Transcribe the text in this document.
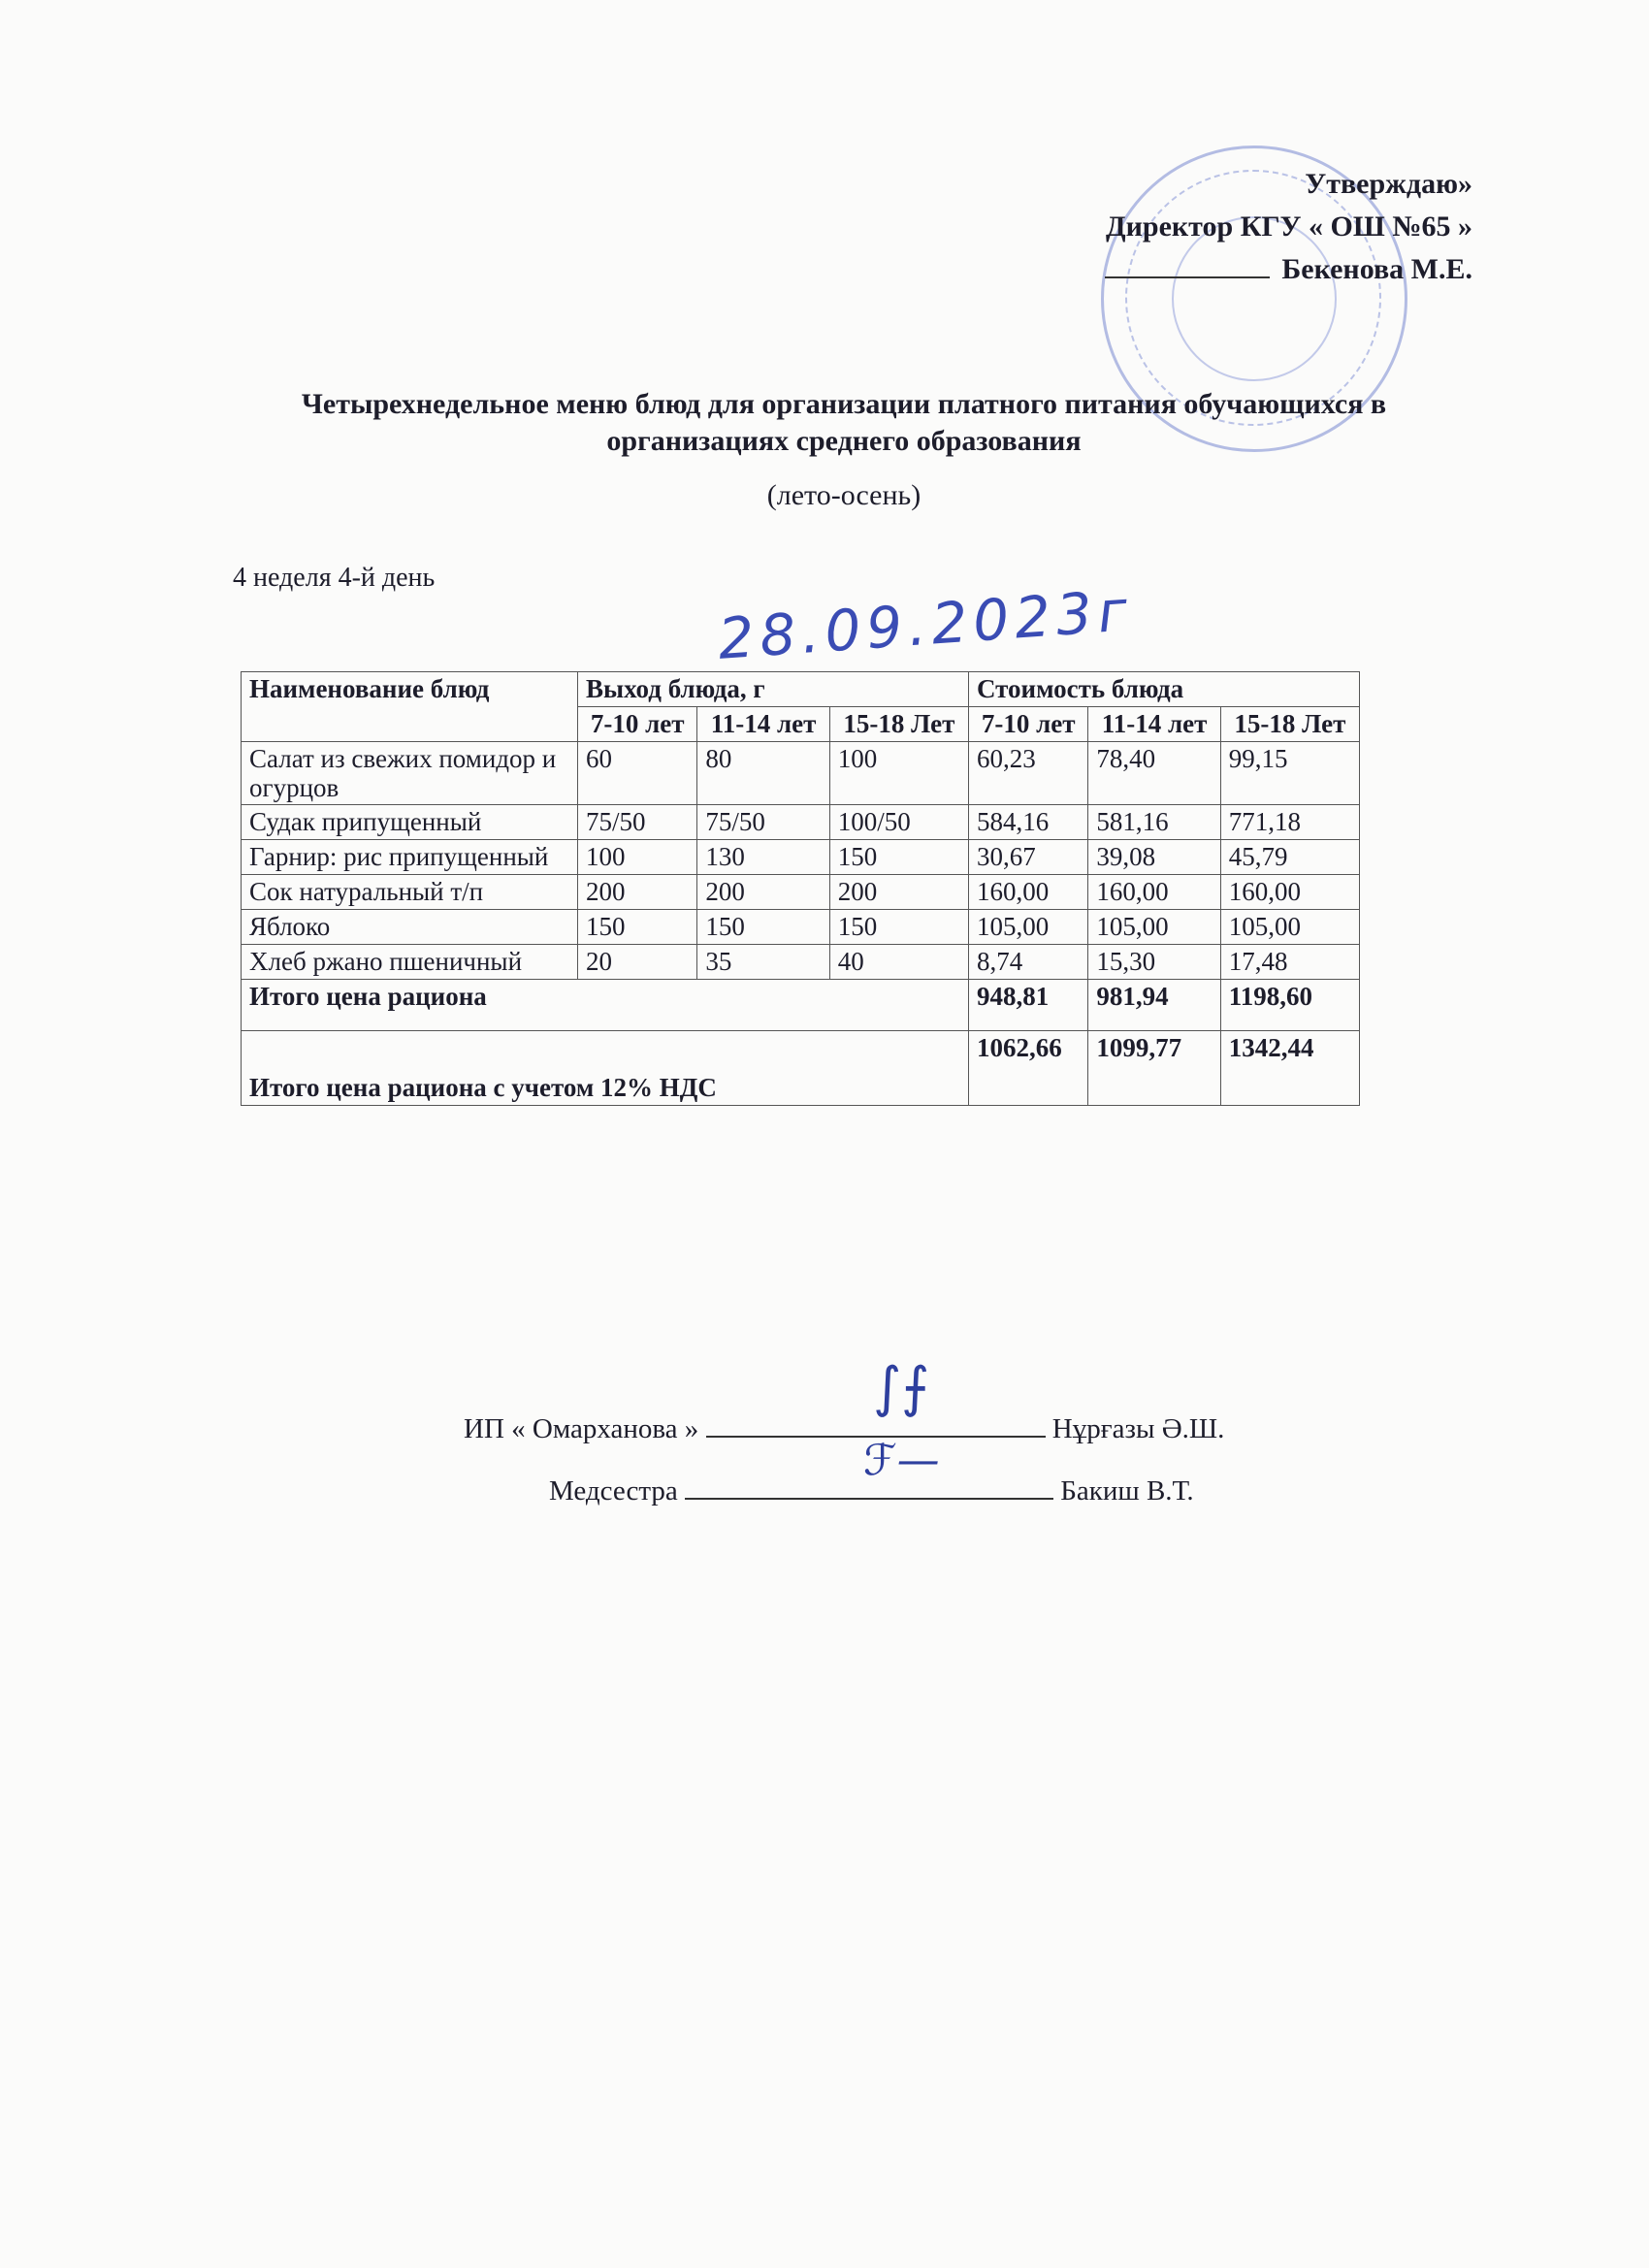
Утверждаю»
Директор КГУ « ОШ №65 »
Бекенова М.Е.
Четырехнедельное меню блюд для организации платного питания обучающихся в
организациях среднего образования
(лето-осень)
4 неделя 4-й день	28.09.2023г
Наименование блюд	Выход блюда, г			Стоимость блюда		
	7-10 лет	11-14 лет	15-18 Лет	7-10 лет	11-14 лет	15-18 Лет
Салат из свежих помидор и огурцов	60	80	100	60,23	78,40	99,15
Судак припущенный	75/50	75/50	100/50	584,16	581,16	771,18
Гарнир: рис припущенный	100	130	150	30,67	39,08	45,79
Сок натуральный т/п	200	200	200	160,00	160,00	160,00
Яблоко	150	150	150	105,00	105,00	105,00
Хлеб ржано пшеничный	20	35	40	8,74	15,30	17,48
Итого цена рациона				948,81	981,94	1198,60
Итого цена рациона с учетом 12% НДС				1062,66	1099,77	1342,44
ИП « Омарханова »	Нұрғазы Ә.Ш.
∫⨍
Медсестра	Бакиш В.Т.
ℱ—
